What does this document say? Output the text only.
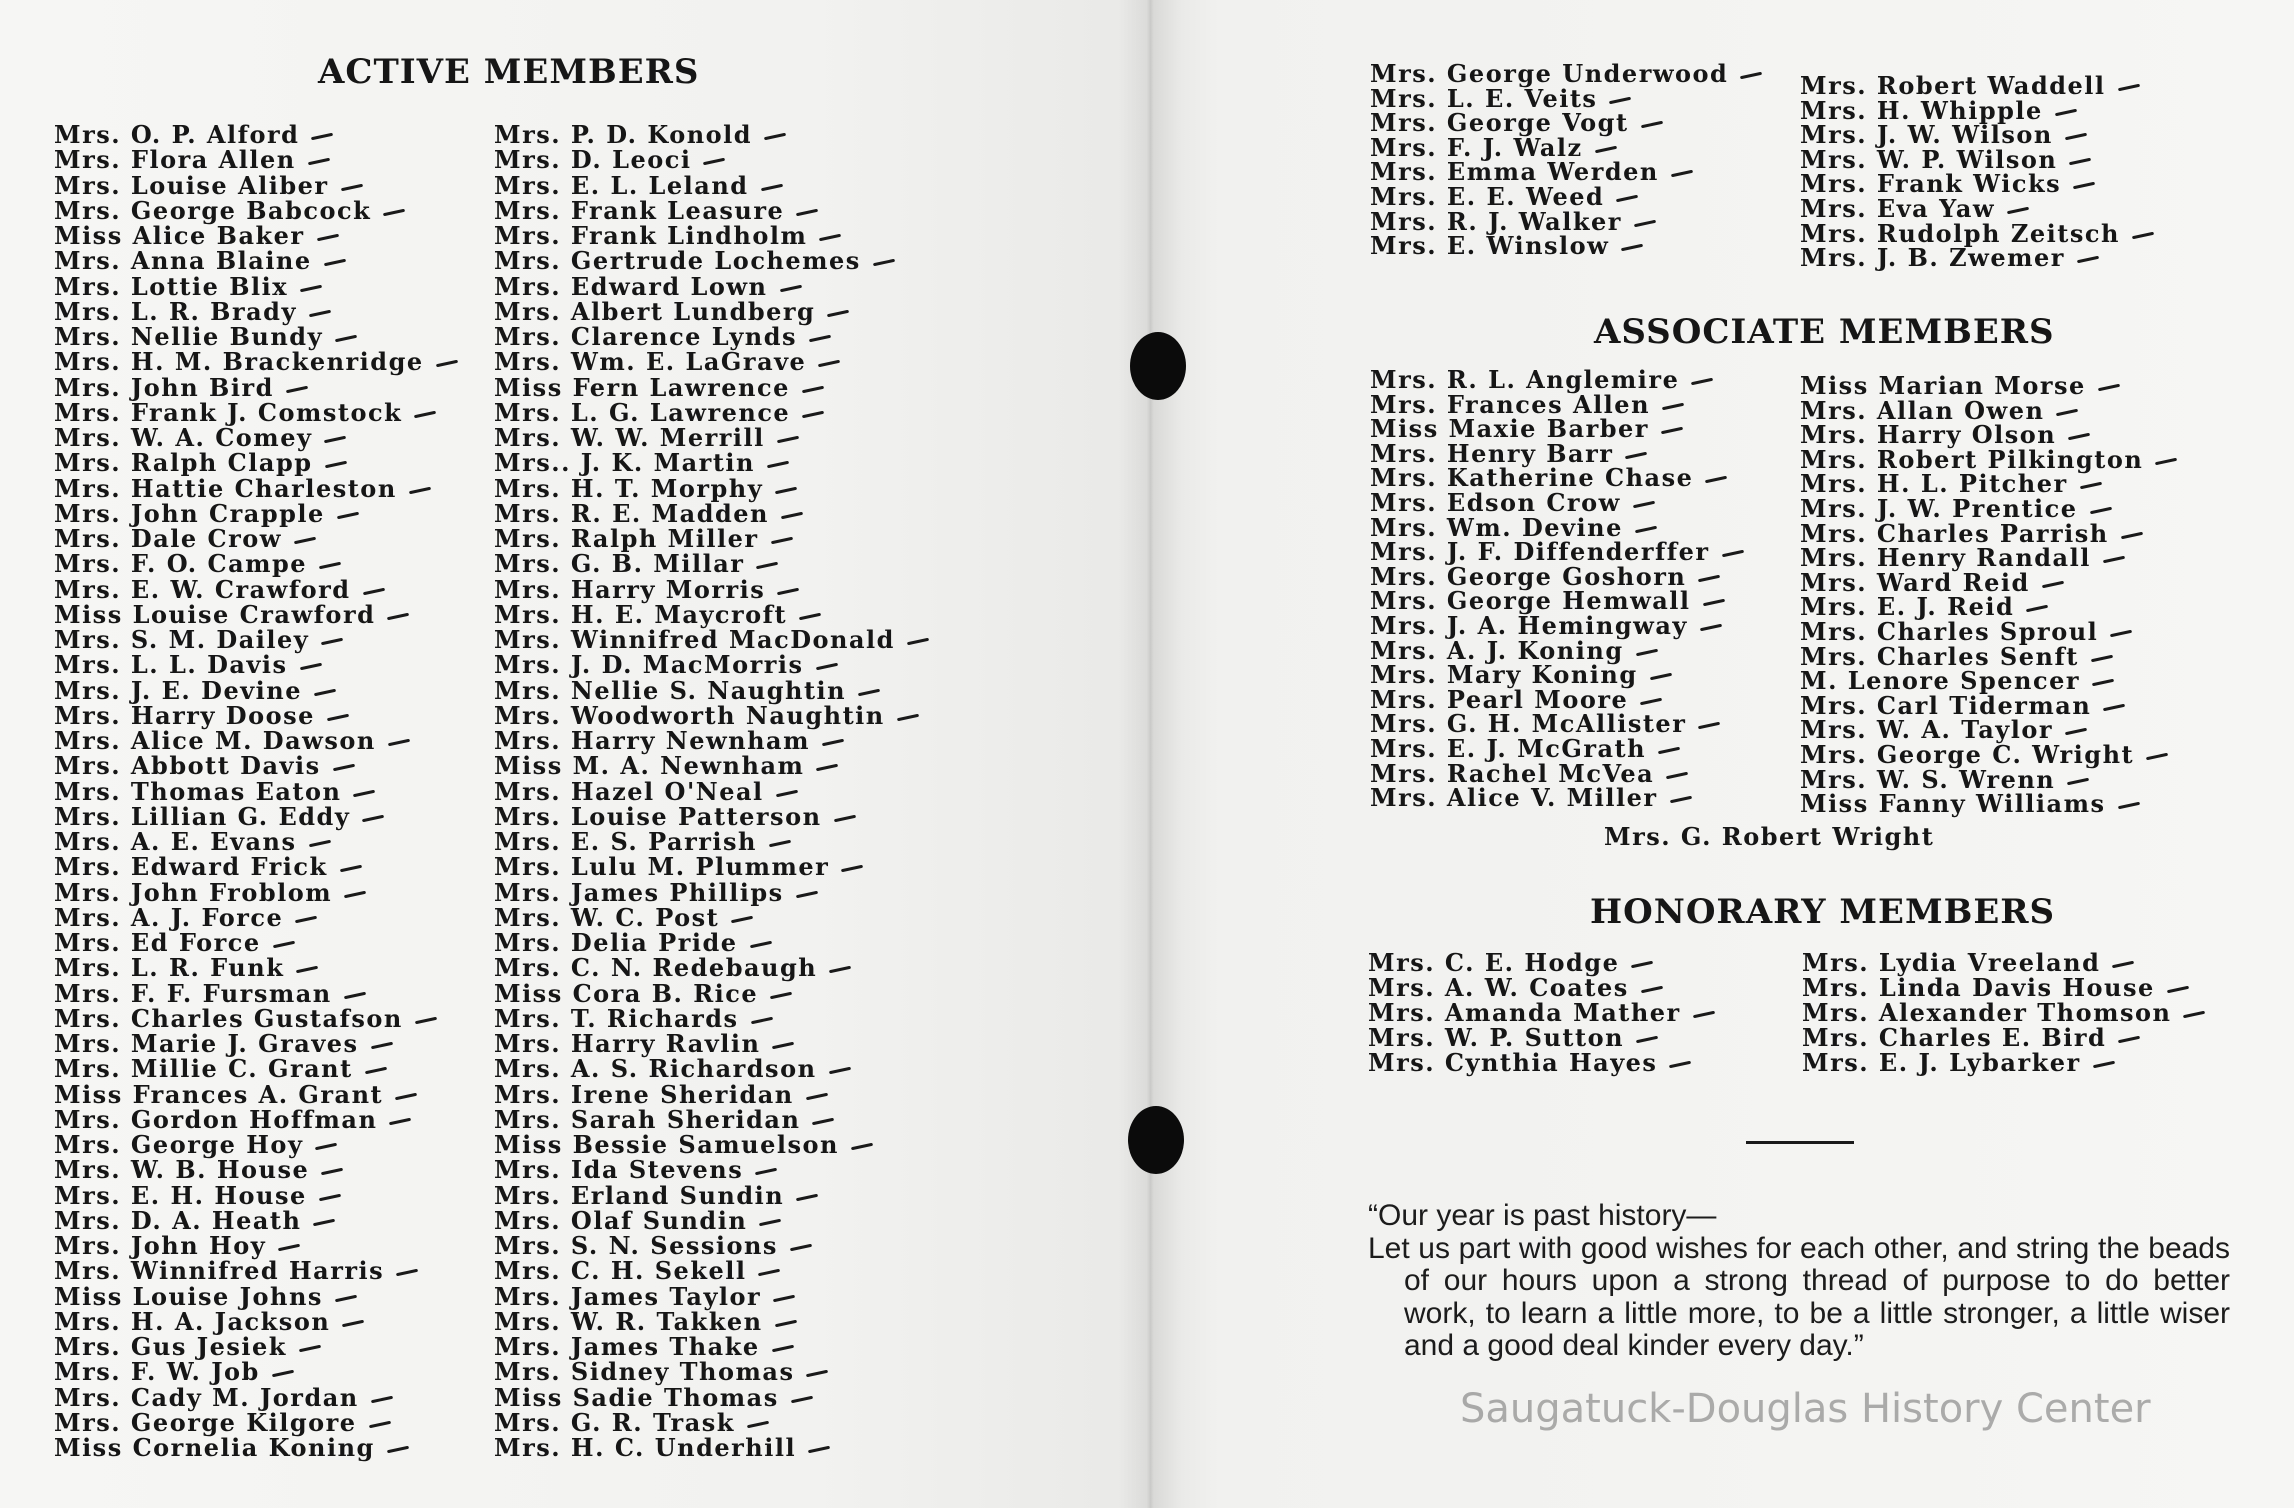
ACTIVE MEMBERS
Mrs. O. P. Alford
Mrs. Flora Allen
Mrs. Louise Aliber
Mrs. George Babcock
Miss Alice Baker
Mrs. Anna Blaine
Mrs. Lottie Blix
Mrs. L. R. Brady
Mrs. Nellie Bundy
Mrs. H. M. Brackenridge
Mrs. John Bird
Mrs. Frank J. Comstock
Mrs. W. A. Comey
Mrs. Ralph Clapp
Mrs. Hattie Charleston
Mrs. John Crapple
Mrs. Dale Crow
Mrs. F. O. Campe
Mrs. E. W. Crawford
Miss Louise Crawford
Mrs. S. M. Dailey
Mrs. L. L. Davis
Mrs. J. E. Devine
Mrs. Harry Doose
Mrs. Alice M. Dawson
Mrs. Abbott Davis
Mrs. Thomas Eaton
Mrs. Lillian G. Eddy
Mrs. A. E. Evans
Mrs. Edward Frick
Mrs. John Froblom
Mrs. A. J. Force
Mrs. Ed Force
Mrs. L. R. Funk
Mrs. F. F. Fursman
Mrs. Charles Gustafson
Mrs. Marie J. Graves
Mrs. Millie C. Grant
Miss Frances A. Grant
Mrs. Gordon Hoffman
Mrs. George Hoy
Mrs. W. B. House
Mrs. E. H. House
Mrs. D. A. Heath
Mrs. John Hoy
Mrs. Winnifred Harris
Miss Louise Johns
Mrs. H. A. Jackson
Mrs. Gus Jesiek
Mrs. F. W. Job
Mrs. Cady M. Jordan
Mrs. George Kilgore
Miss Cornelia Koning
Mrs. P. D. Konold
Mrs. D. Leoci
Mrs. E. L. Leland
Mrs. Frank Leasure
Mrs. Frank Lindholm
Mrs. Gertrude Lochemes
Mrs. Edward Lown
Mrs. Albert Lundberg
Mrs. Clarence Lynds
Mrs. Wm. E. LaGrave
Miss Fern Lawrence
Mrs. L. G. Lawrence
Mrs. W. W. Merrill
Mrs.. J. K. Martin
Mrs. H. T. Morphy
Mrs. R. E. Madden
Mrs. Ralph Miller
Mrs. G. B. Millar
Mrs. Harry Morris
Mrs. H. E. Maycroft
Mrs. Winnifred MacDonald
Mrs. J. D. MacMorris
Mrs. Nellie S. Naughtin
Mrs. Woodworth Naughtin
Mrs. Harry Newnham
Miss M. A. Newnham
Mrs. Hazel O'Neal
Mrs. Louise Patterson
Mrs. E. S. Parrish
Mrs. Lulu M. Plummer
Mrs. James Phillips
Mrs. W. C. Post
Mrs. Delia Pride
Mrs. C. N. Redebaugh
Miss Cora B. Rice
Mrs. T. Richards
Mrs. Harry Ravlin
Mrs. A. S. Richardson
Mrs. Irene Sheridan
Mrs. Sarah Sheridan
Miss Bessie Samuelson
Mrs. Ida Stevens
Mrs. Erland Sundin
Mrs. Olaf Sundin
Mrs. S. N. Sessions
Mrs. C. H. Sekell
Mrs. James Taylor
Mrs. W. R. Takken
Mrs. James Thake
Mrs. Sidney Thomas
Miss Sadie Thomas
Mrs. G. R. Trask
Mrs. H. C. Underhill
Mrs. George Underwood
Mrs. L. E. Veits
Mrs. George Vogt
Mrs. F. J. Walz
Mrs. Emma Werden
Mrs. E. E. Weed
Mrs. R. J. Walker
Mrs. E. Winslow
Mrs. Robert Waddell
Mrs. H. Whipple
Mrs. J. W. Wilson
Mrs. W. P. Wilson
Mrs. Frank Wicks
Mrs. Eva Yaw
Mrs. Rudolph Zeitsch
Mrs. J. B. Zwemer
ASSOCIATE MEMBERS
Mrs. R. L. Anglemire
Mrs. Frances Allen
Miss Maxie Barber
Mrs. Henry Barr
Mrs. Katherine Chase
Mrs. Edson Crow
Mrs. Wm. Devine
Mrs. J. F. Diffenderffer
Mrs. George Goshorn
Mrs. George Hemwall
Mrs. J. A. Hemingway
Mrs. A. J. Koning
Mrs. Mary Koning
Mrs. Pearl Moore
Mrs. G. H. McAllister
Mrs. E. J. McGrath
Mrs. Rachel McVea
Mrs. Alice V. Miller
Miss Marian Morse
Mrs. Allan Owen
Mrs. Harry Olson
Mrs. Robert Pilkington
Mrs. H. L. Pitcher
Mrs. J. W. Prentice
Mrs. Charles Parrish
Mrs. Henry Randall
Mrs. Ward Reid
Mrs. E. J. Reid
Mrs. Charles Sproul
Mrs. Charles Senft
M. Lenore Spencer
Mrs. Carl Tiderman
Mrs. W. A. Taylor
Mrs. George C. Wright
Mrs. W. S. Wrenn
Miss Fanny Williams
Mrs. G. Robert Wright
HONORARY MEMBERS
Mrs. C. E. Hodge
Mrs. A. W. Coates
Mrs. Amanda Mather
Mrs. W. P. Sutton
Mrs. Cynthia Hayes
Mrs. Lydia Vreeland
Mrs. Linda Davis House
Mrs. Alexander Thomson
Mrs. Charles E. Bird
Mrs. E. J. Lybarker

“Our year is past history—

Let us part with good wishes for each other, and string the beads of our hours upon a strong thread of purpose to do better work, to learn a little more, to be a little stronger, a little wiser and a good deal kinder every day.”

Saugatuck-Douglas History Center
